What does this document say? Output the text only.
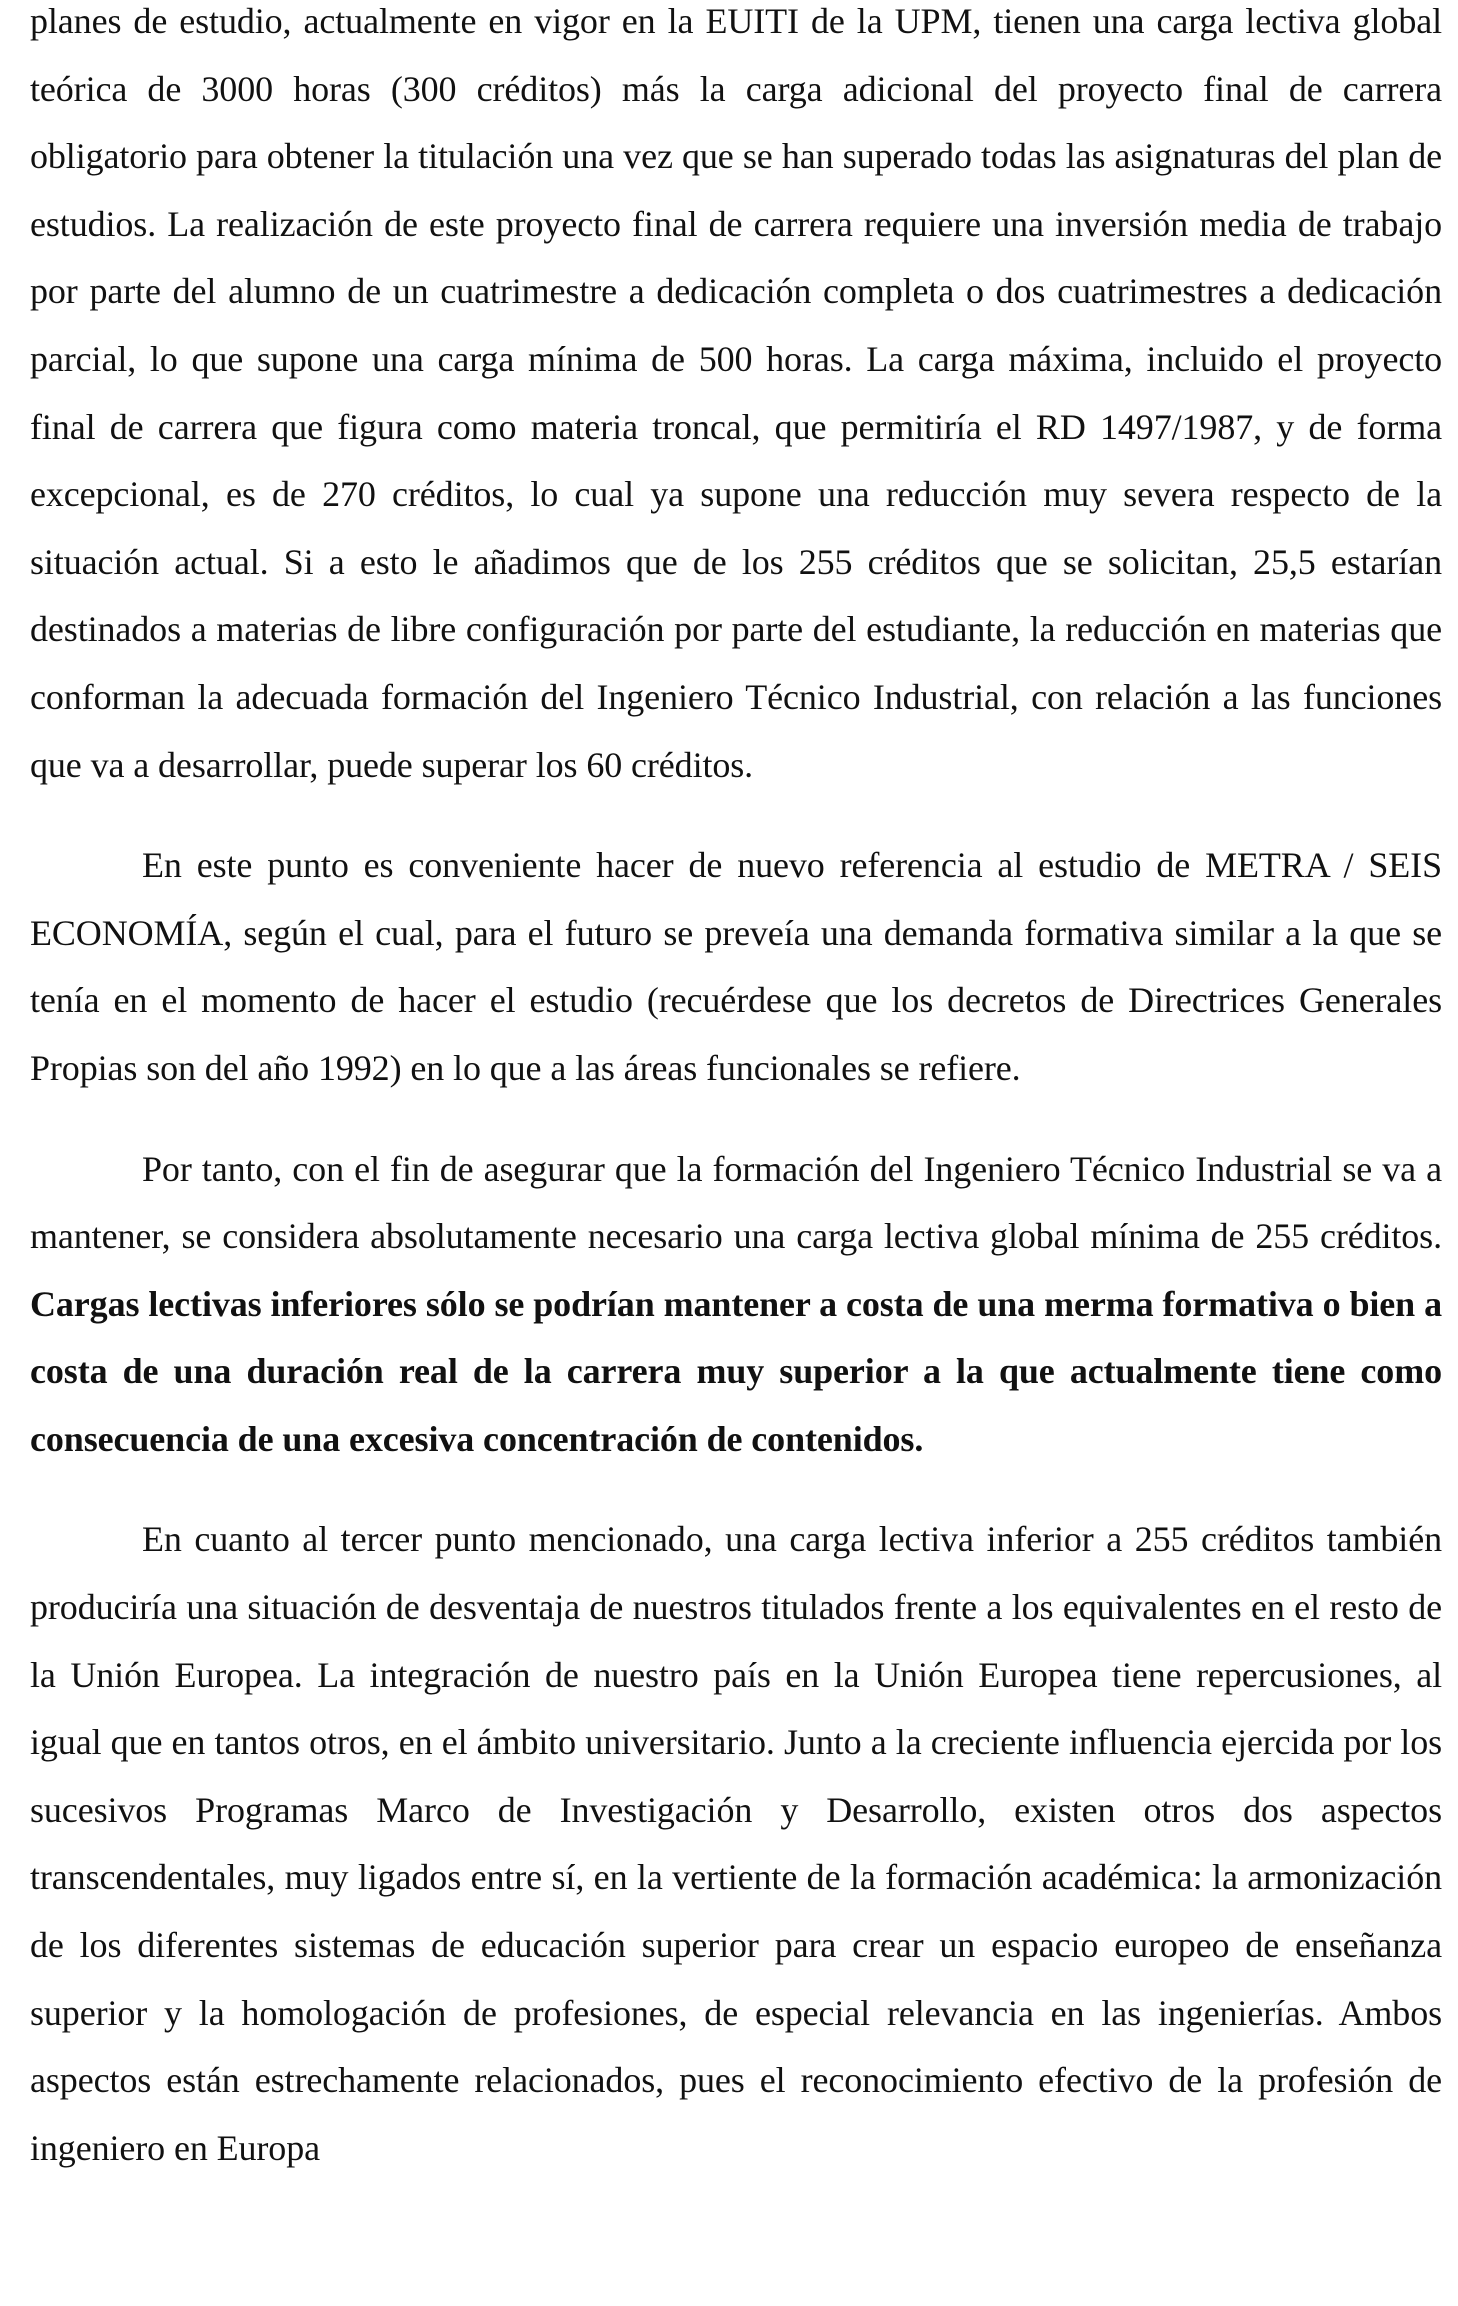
planes de estudio, actualmente en vigor en la EUITI de la UPM, tienen una carga lectiva global teórica de 3000 horas (300 créditos) más la carga adicional del proyecto final de carrera obligatorio para obtener la titulación una vez que se han superado todas las asignaturas del plan de estudios. La realización de este proyecto final de carrera requiere una inversión media de trabajo por parte del alumno de un cuatrimestre a dedicación completa o dos cuatrimestres a dedicación parcial, lo que supone una carga mínima de 500 horas. La carga máxima, incluido el proyecto final de carrera que figura como materia troncal, que permitiría el RD 1497/1987, y de forma excepcional, es de 270 créditos, lo cual ya supone una reducción muy severa respecto de la situación actual. Si a esto le añadimos que de los 255 créditos que se solicitan, 25,5 estarían destinados a materias de libre configuración por parte del estudiante, la reducción en materias que conforman la adecuada formación del Ingeniero Técnico Industrial, con relación a las funciones que va a desarrollar, puede superar los 60 créditos.

En este punto es conveniente hacer de nuevo referencia al estudio de METRA / SEIS ECONOMÍA, según el cual, para el futuro se preveía una demanda formativa similar a la que se tenía en el momento de hacer el estudio (recuérdese que los decretos de Directrices Generales Propias son del año 1992) en lo que a las áreas funcionales se refiere.

Por tanto, con el fin de asegurar que la formación del Ingeniero Técnico Industrial se va a mantener, se considera absolutamente necesario una carga lectiva global mínima de 255 créditos. Cargas lectivas inferiores sólo se podrían mantener a costa de una merma formativa o bien a costa de una duración real de la carrera muy superior a la que actualmente tiene como consecuencia de una excesiva concentración de contenidos.

En cuanto al tercer punto mencionado, una carga lectiva inferior a 255 créditos también produciría una situación de desventaja de nuestros titulados frente a los equivalentes en el resto de la Unión Europea. La integración de nuestro país en la Unión Europea tiene repercusiones, al igual que en tantos otros, en el ámbito universitario. Junto a la creciente influencia ejercida por los sucesivos Programas Marco de Investigación y Desarrollo, existen otros dos aspectos transcendentales, muy ligados entre sí, en la vertiente de la formación académica: la armonización de los diferentes sistemas de educación superior para crear un espacio europeo de enseñanza superior y la homologación de profesiones, de especial relevancia en las ingenierías. Ambos aspectos están estrechamente relacionados, pues el reconocimiento efectivo de la profesión de ingeniero en Europa
